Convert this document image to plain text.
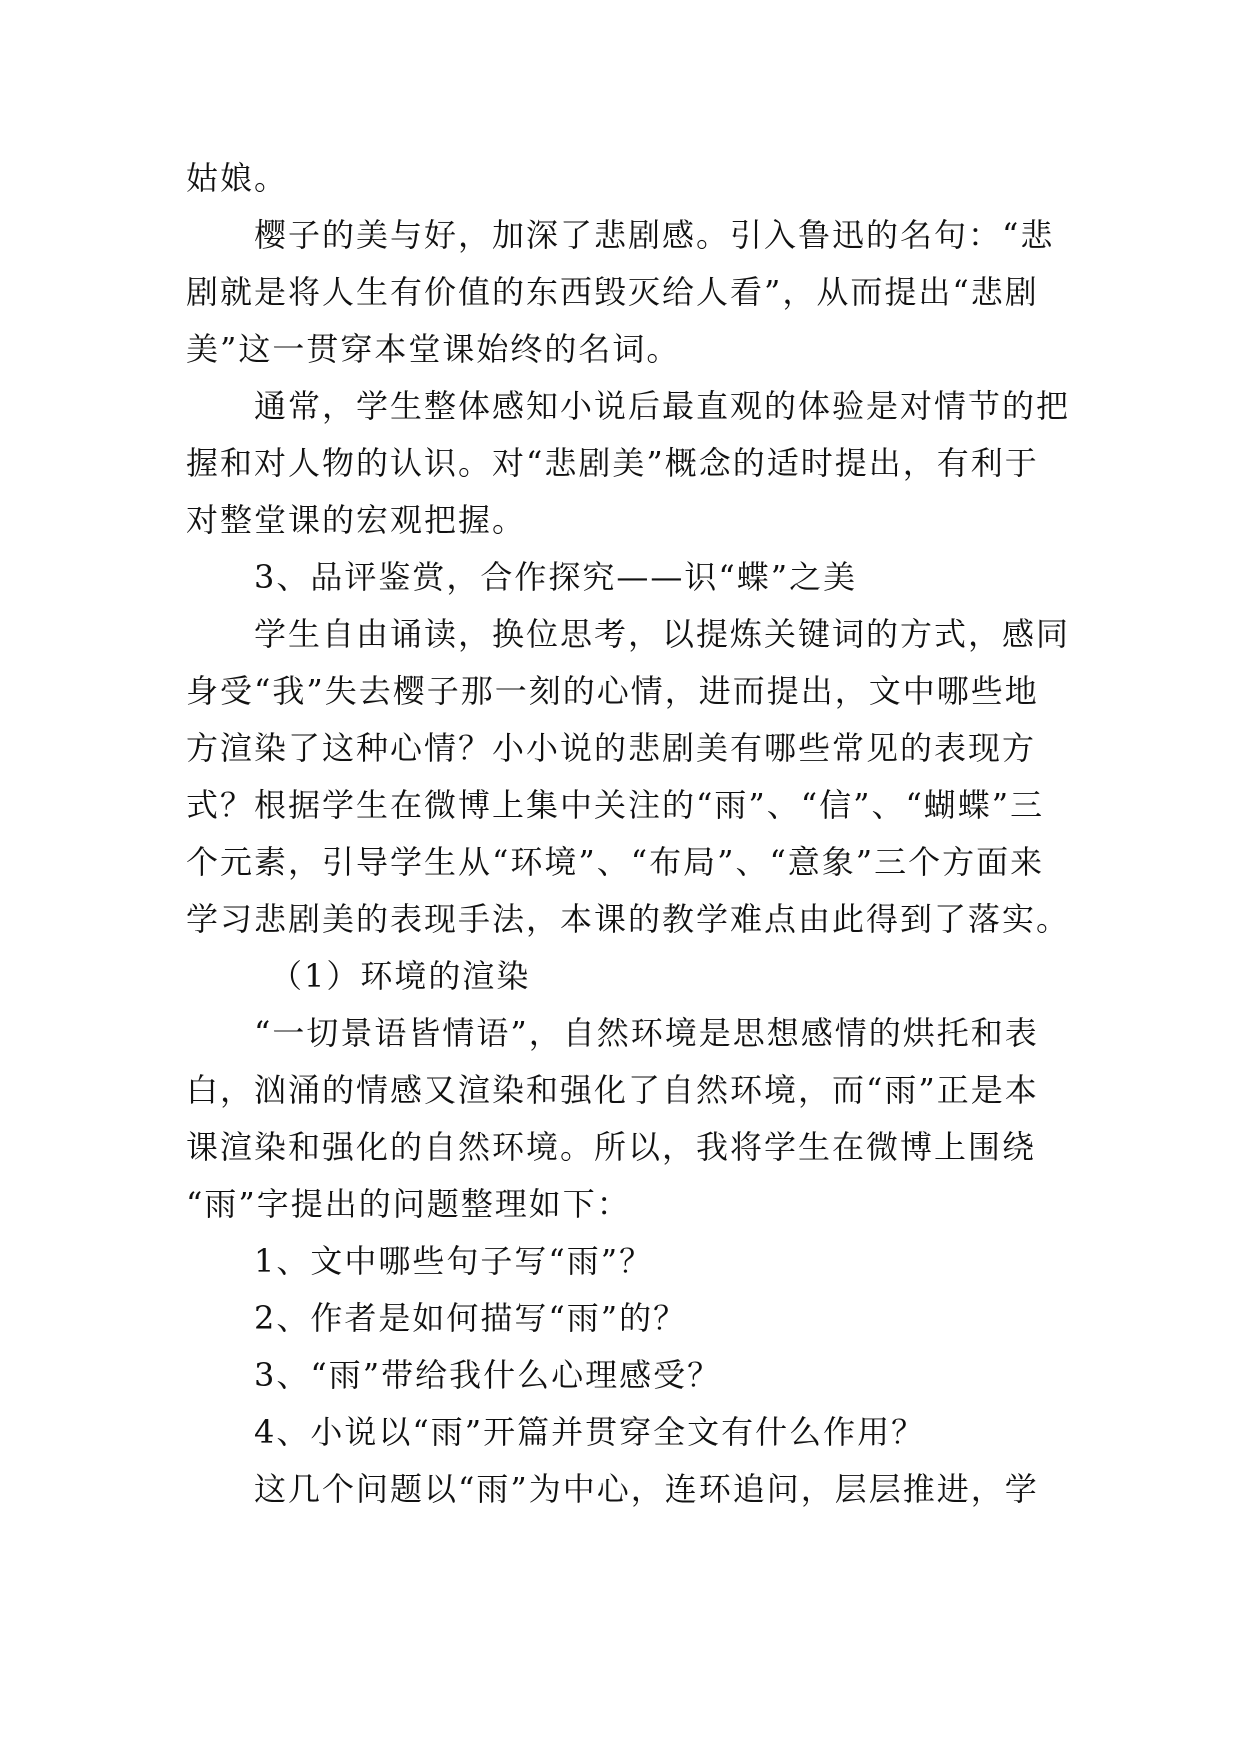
姑娘。
樱子的美与好，加深了悲剧感。引入鲁迅的名句：“悲
剧就是将人生有价值的东西毁灭给人看”，从而提出“悲剧
美”这一贯穿本堂课始终的名词。
通常，学生整体感知小说后最直观的体验是对情节的把
握和对人物的认识。对“悲剧美”概念的适时提出，有利于
对整堂课的宏观把握。
3、品评鉴赏，合作探究——识“蝶”之美
学生自由诵读，换位思考，以提炼关键词的方式，感同
身受“我”失去樱子那一刻的心情，进而提出，文中哪些地
方渲染了这种心情？小小说的悲剧美有哪些常见的表现方
式？根据学生在微博上集中关注的“雨”、“信”、“蝴蝶”三
个元素，引导学生从“环境”、“布局”、“意象”三个方面来
学习悲剧美的表现手法，本课的教学难点由此得到了落实。
（1）环境的渲染
“一切景语皆情语”，自然环境是思想感情的烘托和表
白，汹涌的情感又渲染和强化了自然环境，而“雨”正是本
课渲染和强化的自然环境。所以，我将学生在微博上围绕
“雨”字提出的问题整理如下：
1、文中哪些句子写“雨”？
2、作者是如何描写“雨”的？
3、“雨”带给我什么心理感受？
4、小说以“雨”开篇并贯穿全文有什么作用？
这几个问题以“雨”为中心，连环追问，层层推进，学
